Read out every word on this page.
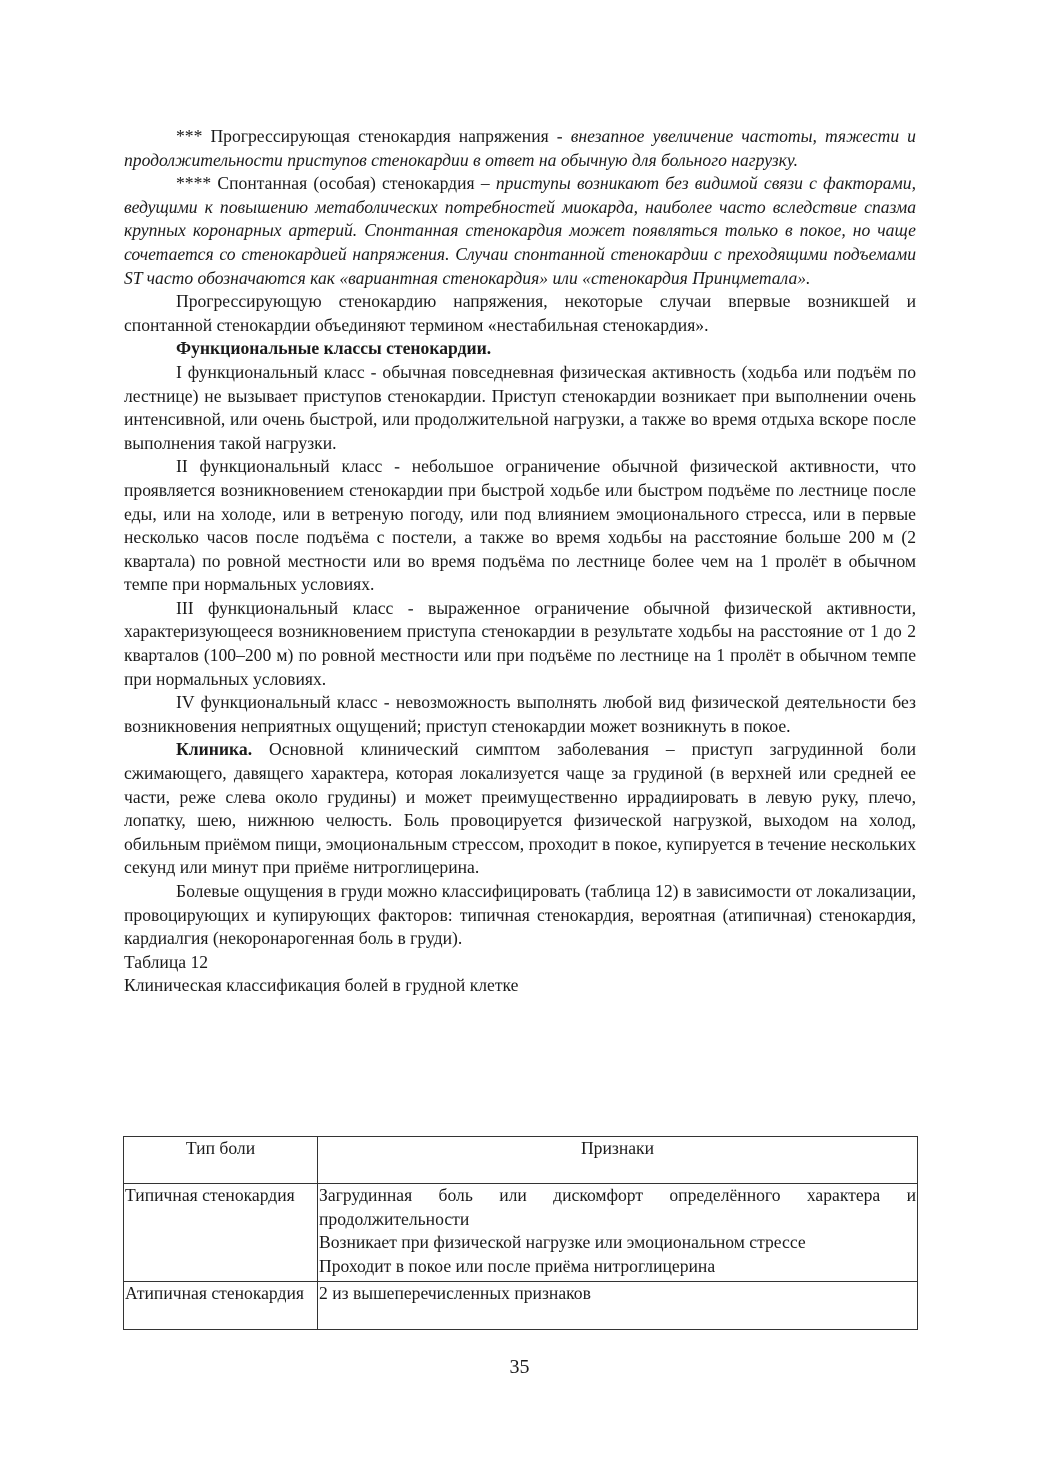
*** Прогрессирующая стенокардия напряжения - внезапное увеличение частоты, тяжести и продолжительности приступов стенокардии в ответ на обычную для больного нагрузку.

**** Спонтанная (особая) стенокардия – приступы возникают без видимой связи с факторами, ведущими к повышению метаболических потребностей миокарда, наиболее часто вследствие спазма крупных коронарных артерий. Спонтанная стенокардия может появляться только в покое, но чаще сочетается со стенокардией напряжения. Случаи спонтанной стенокардии с преходящими подъемами ST часто обозначаются как «вариантная стенокардия» или «стенокардия Принцметала».

Прогрессирующую стенокардию напряжения, некоторые случаи впервые возникшей и спонтанной стенокардии объединяют термином «нестабильная стенокардия».

Функциональные классы стенокардии.

I функциональный класс - обычная повседневная физическая активность (ходьба или подъём по лестнице) не вызывает приступов стенокардии. Приступ стенокардии возникает при выполнении очень интенсивной, или очень быстрой, или продолжительной нагрузки, а также во время отдыха вскоре после выполнения такой нагрузки.

II функциональный класс - небольшое ограничение обычной физической активности, что проявляется возникновением стенокардии при быстрой ходьбе или быстром подъёме по лестнице после еды, или на холоде, или в ветреную погоду, или под влиянием эмоционального стресса, или в первые несколько часов после подъёма с постели, а также во время ходьбы на расстояние больше 200 м (2 квартала) по ровной местности или во время подъёма по лестнице более чем на 1 пролёт в обычном темпе при нормальных условиях.

III функциональный класс - выраженное ограничение обычной физической активности, характеризующееся возникновением приступа стенокардии в результате ходьбы на расстояние от 1 до 2 кварталов (100–200 м) по ровной местности или при подъёме по лестнице на 1 пролёт в обычном темпе при нормальных условиях.

IV функциональный класс - невозможность выполнять любой вид физической деятельности без возникновения неприятных ощущений; приступ стенокардии может возникнуть в покое.

Клиника. Основной клинический симптом заболевания – приступ загрудинной боли сжимающего, давящего характера, которая локализуется чаще за грудиной (в верхней или средней ее части, реже слева около грудины) и может преимущественно иррадиировать в левую руку, плечо, лопатку, шею, нижнюю челюсть. Боль провоцируется физической нагрузкой, выходом на холод, обильным приёмом пищи, эмоциональным стрессом, проходит в покое, купируется в течение нескольких секунд или минут при приёме нитроглицерина.

Болевые ощущения в груди можно классифицировать (таблица 12) в зависимости от локализации, провоцирующих и купирующих факторов: типичная стенокардия, вероятная (атипичная) стенокардия, кардиалгия (некоронарогенная боль в груди).

Таблица 12

Клиническая классификация болей в грудной клетке

Тип боли	Признаки
Типичная стенокардия	Загрудинная боль или дискомфорт определённого характера и продолжительности
Возникает при физической нагрузке или эмоциональном стрессе
Проходит в покое или после приёма нитроглицерина

Атипичная стенокардия	2 из вышеперечисленных признаков
35
